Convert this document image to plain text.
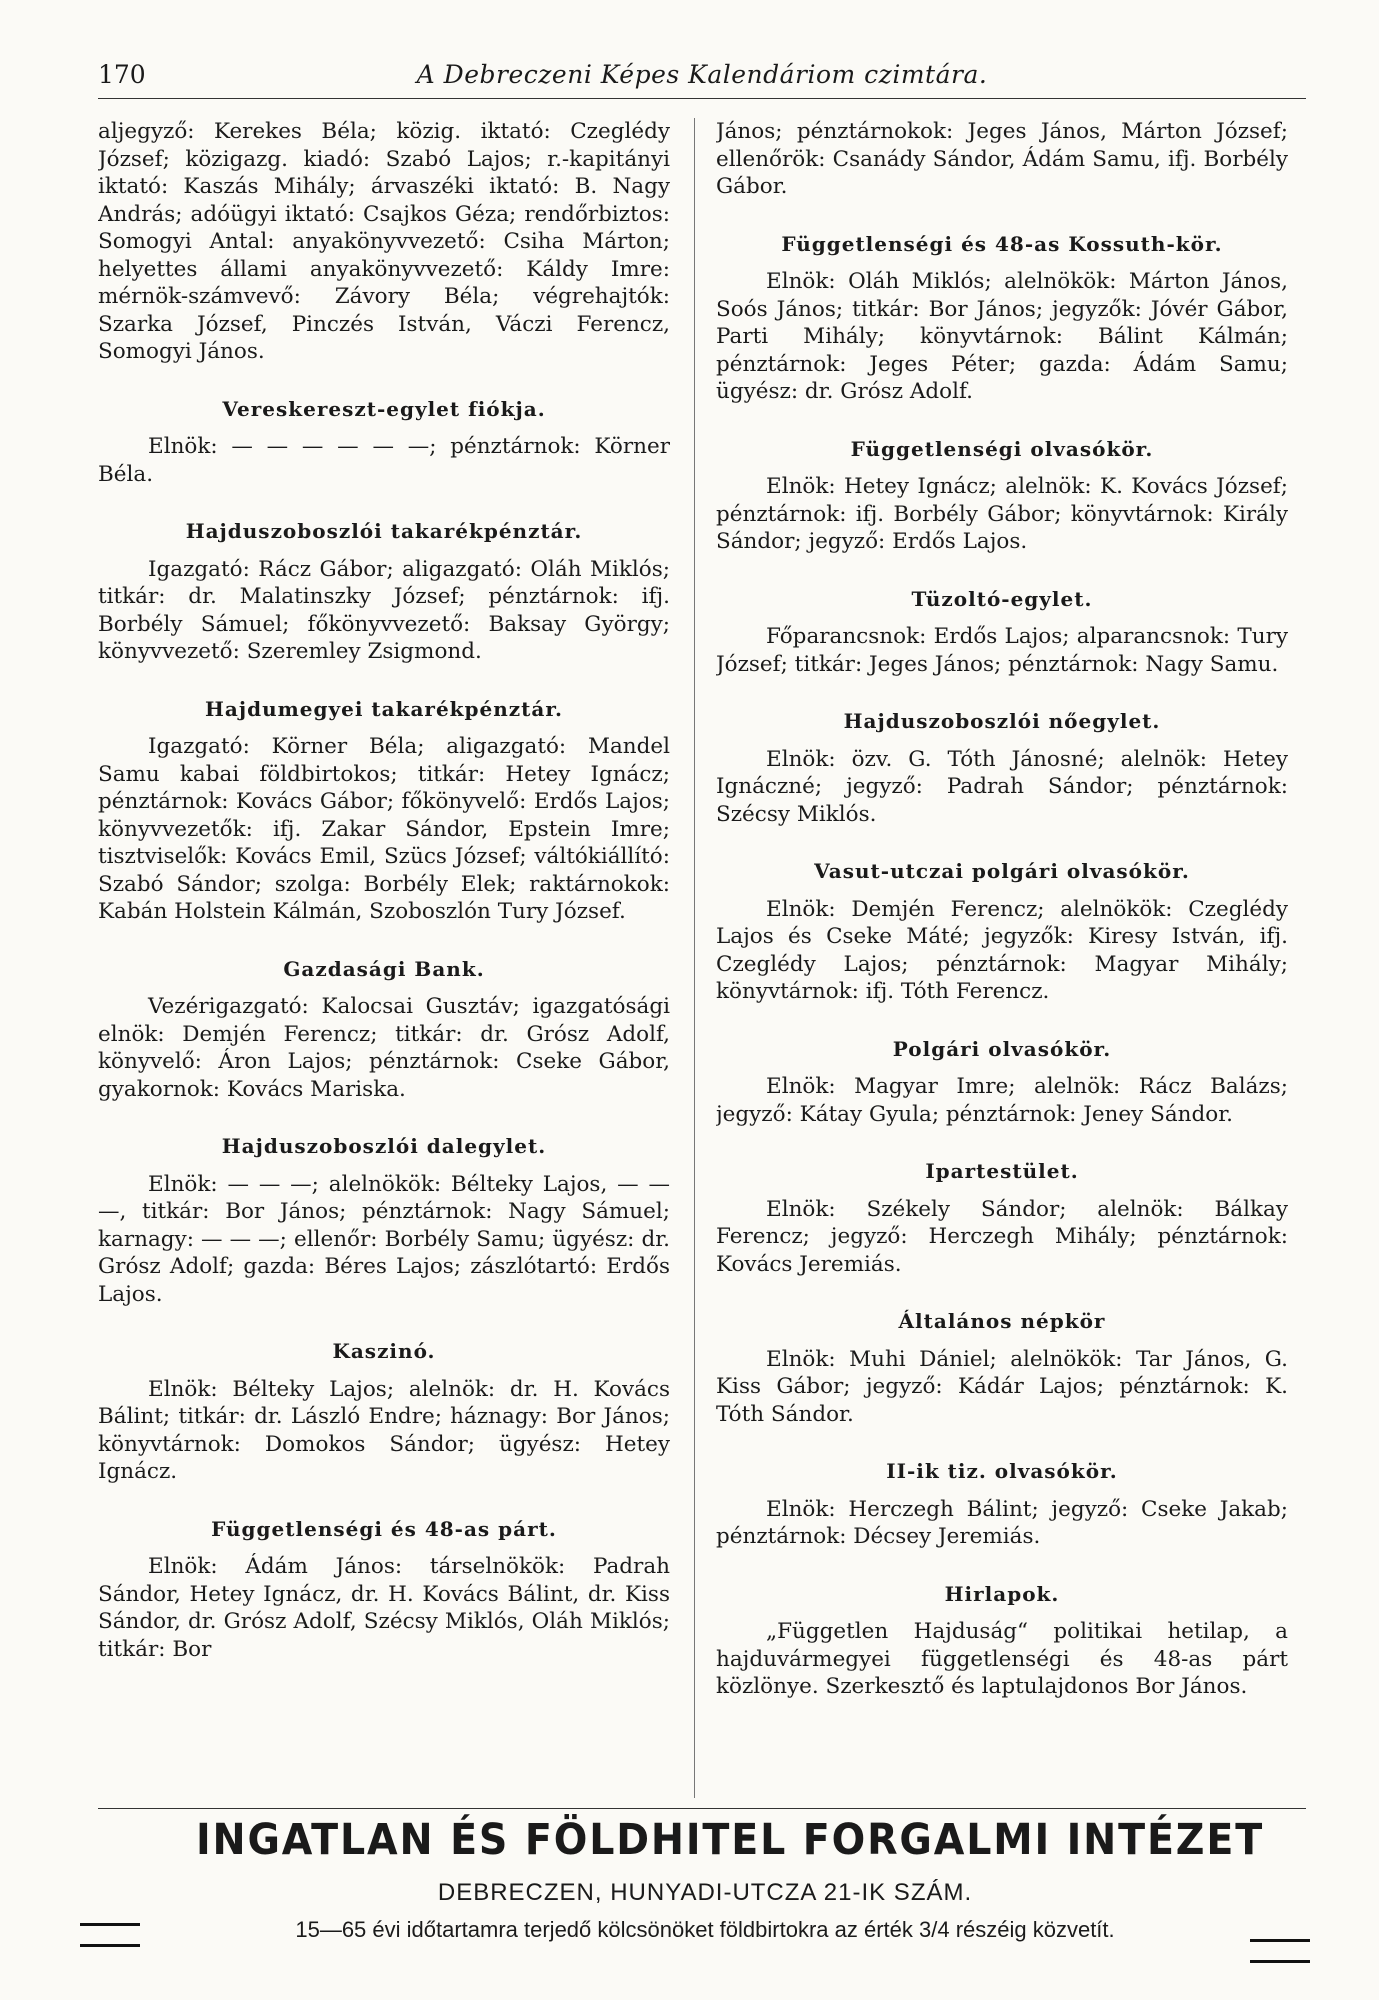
170	A Debreczeni Képes Kalendáriom czimtára.

aljegyző: Kerekes Béla; közig. iktató: Czeglédy József; közigazg. kiadó: Szabó Lajos; r.-kapitányi iktató: Kaszás Mihály; árvaszéki iktató: B. Nagy András; adóügyi iktató: Csajkos Géza; rendőrbiztos: Somogyi Antal: anyakönyvvezető: Csiha Márton; helyettes állami anyakönyvvezető: Káldy Imre: mérnök-számvevő: Závory Béla; végrehajtók: Szarka József, Pinczés István, Váczi Ferencz, Somogyi János.

Vereskereszt-egylet fiókja.

Elnök: — — — — — —; pénztárnok: Körner Béla.

Hajduszoboszlói takarékpénztár.

Igazgató: Rácz Gábor; aligazgató: Oláh Miklós; titkár: dr. Malatinszky József; pénztárnok: ifj. Borbély Sámuel; főkönyvvezető: Baksay György; könyvvezető: Szeremley Zsigmond.

Hajdumegyei takarékpénztár.

Igazgató: Körner Béla; aligazgató: Mandel Samu kabai földbirtokos; titkár: Hetey Ignácz; pénztárnok: Kovács Gábor; főkönyvelő: Erdős Lajos; könyvvezetők: ifj. Zakar Sándor, Epstein Imre; tisztviselők: Kovács Emil, Szücs József; váltókiállító: Szabó Sándor; szolga: Borbély Elek; raktárnokok: Kabán Holstein Kálmán, Szoboszlón Tury József.

Gazdasági Bank.

Vezérigazgató: Kalocsai Gusztáv; igazgatósági elnök: Demjén Ferencz; titkár: dr. Grósz Adolf, könyvelő: Áron Lajos; pénztárnok: Cseke Gábor, gyakornok: Kovács Mariska.

Hajduszoboszlói dalegylet.

Elnök: — — —; alelnökök: Bélteky Lajos, — — —, titkár: Bor János; pénztárnok: Nagy Sámuel; karnagy: — — —; ellenőr: Borbély Samu; ügyész: dr. Grósz Adolf; gazda: Béres Lajos; zászlótartó: Erdős Lajos.

Kaszinó.

Elnök: Bélteky Lajos; alelnök: dr. H. Kovács Bálint; titkár: dr. László Endre; háznagy: Bor János; könyvtárnok: Domokos Sándor; ügyész: Hetey Ignácz.

Függetlenségi és 48-as párt.

Elnök: Ádám János: társelnökök: Padrah Sándor, Hetey Ignácz, dr. H. Kovács Bálint, dr. Kiss Sándor, dr. Grósz Adolf, Szécsy Miklós, Oláh Miklós; titkár: Bor

János; pénztárnokok: Jeges János, Márton József; ellenőrök: Csanády Sándor, Ádám Samu, ifj. Borbély Gábor.

Függetlenségi és 48-as Kossuth-kör.

Elnök: Oláh Miklós; alelnökök: Márton János, Soós János; titkár: Bor János; jegyzők: Jóvér Gábor, Parti Mihály; könyvtárnok: Bálint Kálmán; pénztárnok: Jeges Péter; gazda: Ádám Samu; ügyész: dr. Grósz Adolf.

Függetlenségi olvasókör.

Elnök: Hetey Ignácz; alelnök: K. Kovács József; pénztárnok: ifj. Borbély Gábor; könyvtárnok: Király Sándor; jegyző: Erdős Lajos.

Tüzoltó-egylet.

Főparancsnok: Erdős Lajos; alparancsnok: Tury József; titkár: Jeges János; pénztárnok: Nagy Samu.

Hajduszoboszlói nőegylet.

Elnök: özv. G. Tóth Jánosné; alelnök: Hetey Ignáczné; jegyző: Padrah Sándor; pénztárnok: Szécsy Miklós.

Vasut-utczai polgári olvasókör.

Elnök: Demjén Ferencz; alelnökök: Czeglédy Lajos és Cseke Máté; jegyzők: Kiresy István, ifj. Czeglédy Lajos; pénztárnok: Magyar Mihály; könyvtárnok: ifj. Tóth Ferencz.

Polgári olvasókör.

Elnök: Magyar Imre; alelnök: Rácz Balázs; jegyző: Kátay Gyula; pénztárnok: Jeney Sándor.

Ipartestület.

Elnök: Székely Sándor; alelnök: Bálkay Ferencz; jegyző: Herczegh Mihály; pénztárnok: Kovács Jeremiás.

Általános népkör

Elnök: Muhi Dániel; alelnökök: Tar János, G. Kiss Gábor; jegyző: Kádár Lajos; pénztárnok: K. Tóth Sándor.

II-ik tiz. olvasókör.

Elnök: Herczegh Bálint; jegyző: Cseke Jakab; pénztárnok: Décsey Jeremiás.

Hirlapok.

„Független Hajduság“ politikai hetilap, a hajduvármegyei függetlenségi és 48-as párt közlönye. Szerkesztő és laptulajdonos Bor János.

INGATLAN ÉS FÖLDHITEL FORGALMI INTÉZET
DEBRECZEN, HUNYADI-UTCZA 21-IK SZÁM.
15—65 évi időtartamra terjedő kölcsönöket földbirtokra az érték 3/4 részéig közvetít.
